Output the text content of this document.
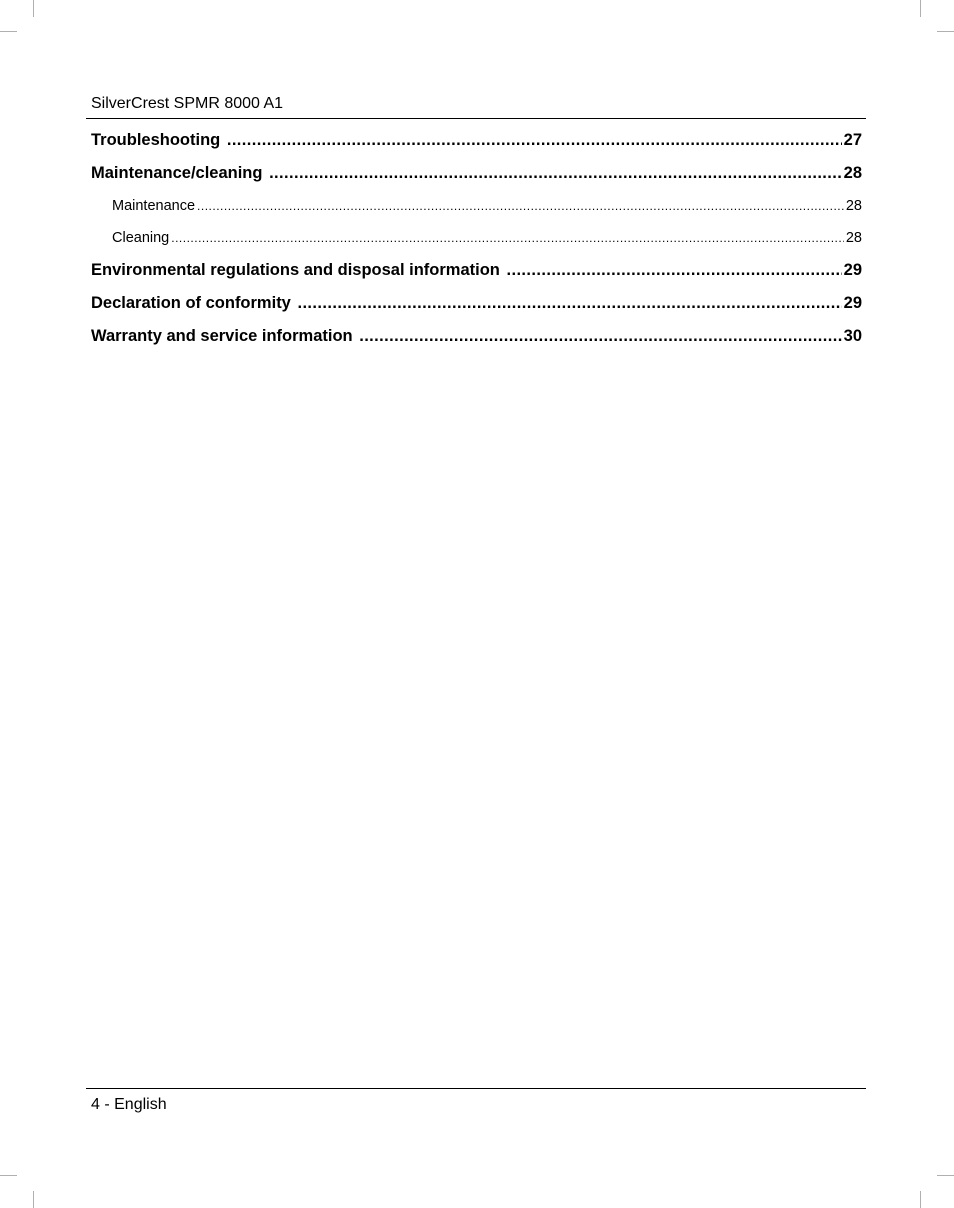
SilverCrest SPMR 8000 A1
Troubleshooting .....	27
Maintenance/cleaning .....	28
Maintenance .....	28
Cleaning .....	28
Environmental regulations and disposal information .....	29
Declaration of conformity .....	29
Warranty and service information .....	30
4 - English
